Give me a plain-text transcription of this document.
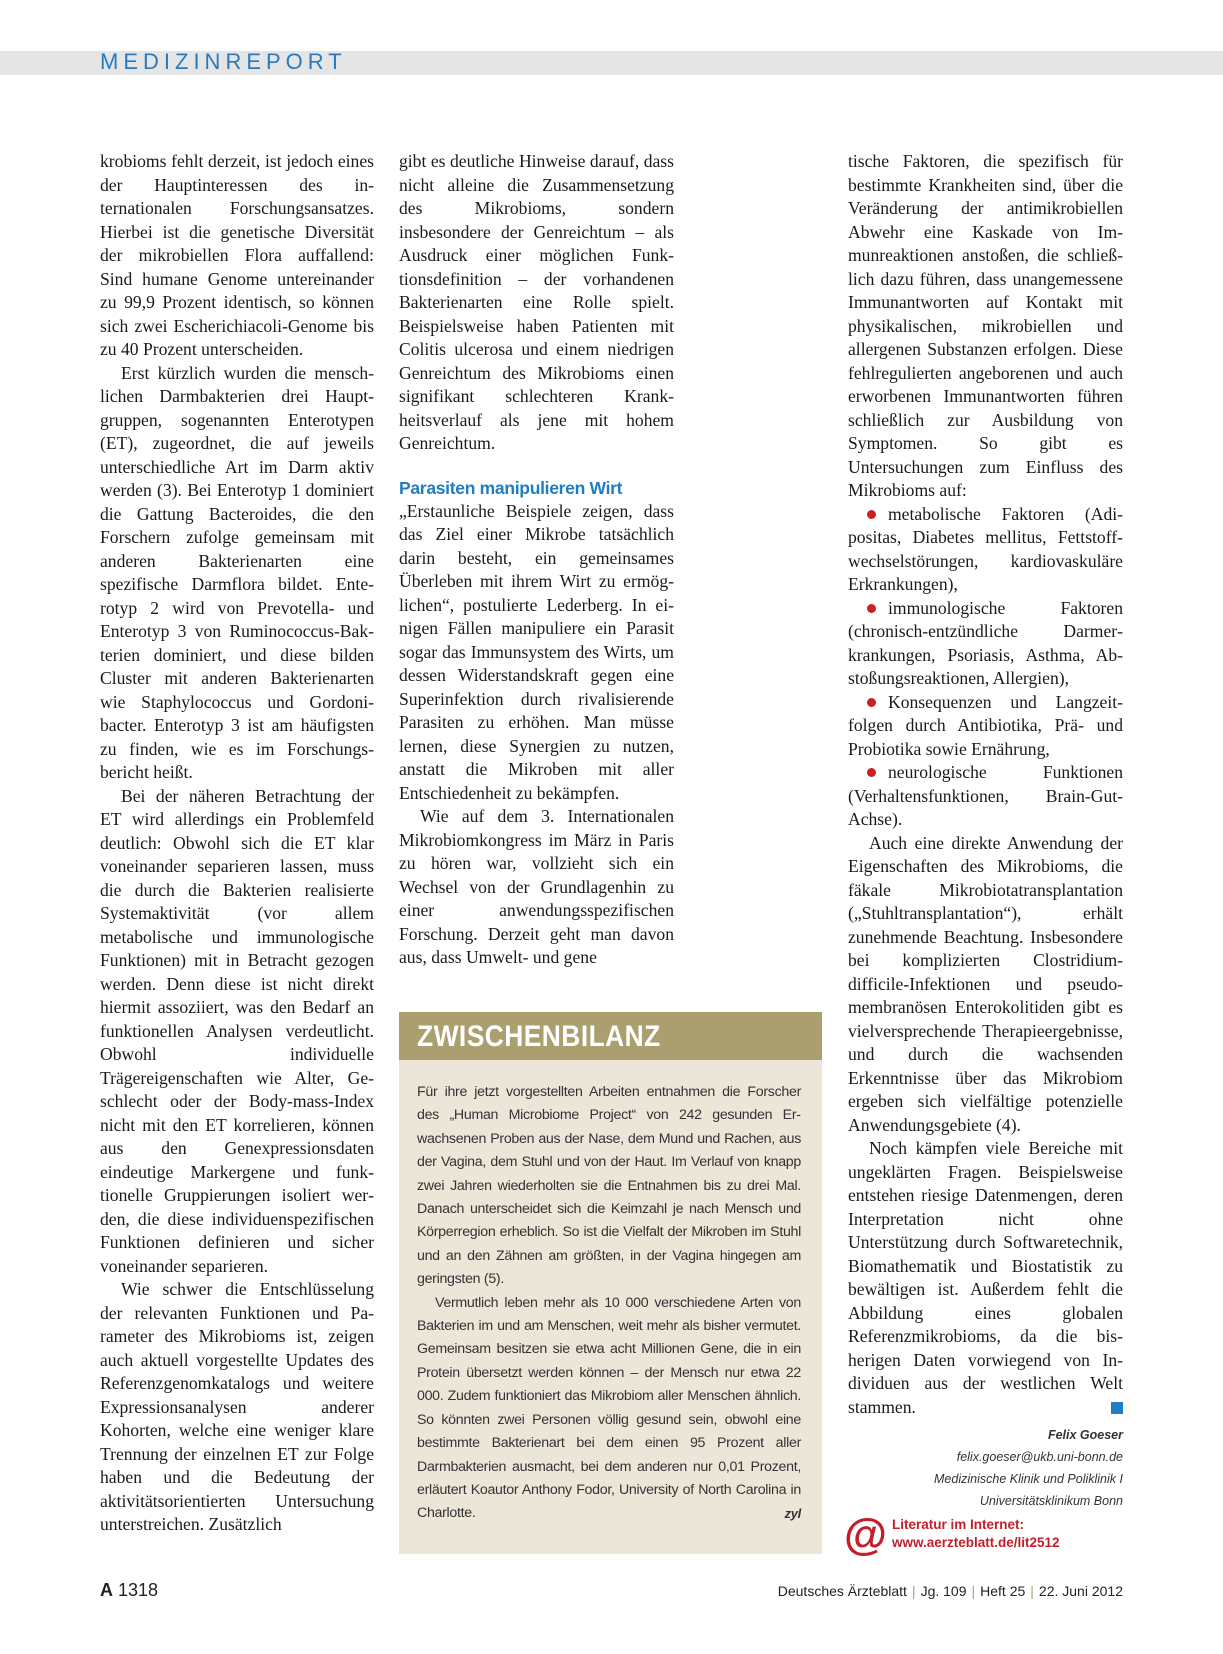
MEDIZINREPORT

krobioms fehlt derzeit, ist jedoch eines der Hauptinteressen des internationalen Forschungsansatzes. Hierbei ist die genetische Diversität der mikrobiellen Flora auffallend: Sind humane Genome untereinander zu 99,9 Prozent identisch, so können sich zwei Escherichiacoli-Genome bis zu 40 Prozent unterscheiden.

Erst kürzlich wurden die menschlichen Darmbakterien drei Hauptgruppen, sogenannten Enterotypen (ET), zugeordnet, die auf jeweils unterschiedliche Art im Darm aktiv werden (3). Bei Enterotyp 1 dominiert die Gattung Bacteroides, die den Forschern zufolge gemeinsam mit anderen Bakterienarten eine spezifische Darmflora bildet. Enterotyp 2 wird von Prevotella- und Enterotyp 3 von Ruminococcus-Bakterien dominiert, und diese bilden Cluster mit anderen Bakterienarten wie Staphylococcus und Gordonibacter. Enterotyp 3 ist am häufigsten zu finden, wie es im Forschungsbericht heißt.

Bei der näheren Betrachtung der ET wird allerdings ein Problemfeld deutlich: Obwohl sich die ET klar voneinander separieren lassen, muss die durch die Bakterien realisierte Systemaktivität (vor allem metabolische und immunologische Funktionen) mit in Betracht gezogen werden. Denn diese ist nicht direkt hiermit assoziiert, was den Bedarf an funktionellen Analysen verdeutlicht. Obwohl individuelle Trägereigenschaften wie Alter, Geschlecht oder der Body-mass-Index nicht mit den ET korrelieren, können aus den Genexpressionsdaten eindeutige Markergene und funktionelle Gruppierungen isoliert werden, die diese individuenspezifischen Funktionen definieren und sicher voneinander separieren.

Wie schwer die Entschlüsselung der relevanten Funktionen und Parameter des Mikrobioms ist, zeigen auch aktuell vorgestellte Updates des Referenzgenomkatalogs und weitere Expressionsanalysen anderer Kohorten, welche eine weniger klare Trennung der einzelnen ET zur Folge haben und die Bedeutung der aktivitätsorientierten Untersuchung unterstreichen. Zusätzlich

gibt es deutliche Hinweise darauf, dass nicht alleine die Zusammensetzung des Mikrobioms, sondern insbesondere der Genreichtum – als Ausdruck einer möglichen Funktionsdefinition – der vorhandenen Bakterienarten eine Rolle spielt. Beispielsweise haben Patienten mit Colitis ulcerosa und einem niedrigen Genreichtum des Mikrobioms einen signifikant schlechteren Krankheitsverlauf als jene mit hohem Genreichtum.

Parasiten manipulieren Wirt

„Erstaunliche Beispiele zeigen, dass das Ziel einer Mikrobe tatsächlich darin besteht, ein gemeinsames Überleben mit ihrem Wirt zu ermöglichen“, postulierte Lederberg. In einigen Fällen manipuliere ein Parasit sogar das Immunsystem des Wirts, um dessen Widerstandskraft gegen eine Superinfektion durch rivalisierende Parasiten zu erhöhen. Man müsse lernen, diese Synergien zu nutzen, anstatt die Mikroben mit aller Entschiedenheit zu bekämpfen.

Wie auf dem 3. Internationalen Mikrobiomkongress im März in Paris zu hören war, vollzieht sich ein Wechsel von der Grundlagenhin zu einer anwendungsspezifischen Forschung. Derzeit geht man davon aus, dass Umwelt- und gene

tische Faktoren, die spezifisch für bestimmte Krankheiten sind, über die Veränderung der antimikrobiellen Abwehr eine Kaskade von Immunreaktionen anstoßen, die schließlich dazu führen, dass unangemessene Immunantworten auf Kontakt mit physikalischen, mikrobiellen und allergenen Substanzen erfolgen. Diese fehlregulierten angeborenen und auch erworbenen Immunantworten führen schließlich zur Ausbildung von Symptomen. So gibt es Untersuchungen zum Einfluss des Mikrobioms auf:

metabolische Faktoren (Adipositas, Diabetes mellitus, Fettstoffwechselstörungen, kardiovaskuläre Erkrankungen),

immunologische Faktoren (chronisch-entzündliche Darmerkrankungen, Psoriasis, Asthma, Abstoßungsreaktionen, Allergien),

Konsequenzen und Langzeitfolgen durch Antibiotika, Prä- und Probiotika sowie Ernährung,

neurologische Funktionen (Verhaltensfunktionen, Brain-Gut-Achse).

Auch eine direkte Anwendung der Eigenschaften des Mikrobioms, die fäkale Mikrobiotatransplantation („Stuhltransplantation“), erhält zunehmende Beachtung. Insbesondere bei komplizierten Clostridium-difficile-Infektionen und pseudomembranösen Enterokolitiden gibt es vielversprechende Therapieergebnisse, und durch die wachsenden Erkenntnisse über das Mikrobiom ergeben sich vielfältige potenzielle Anwendungsgebiete (4).

Noch kämpfen viele Bereiche mit ungeklärten Fragen. Beispielsweise entstehen riesige Datenmengen, deren Interpretation nicht ohne Unterstützung durch Softwaretechnik, Biomathematik und Biostatistik zu bewältigen ist. Außerdem fehlt die Abbildung eines globalen Referenzmikrobioms, da die bisherigen Daten vorwiegend von Individuen aus der westlichen Welt stammen.

Felix Goeser
felix.goeser@ukb.uni-bonn.de
Medizinische Klinik und Poliklinik I
Universitätsklinikum Bonn
ZWISCHENBILANZ

Für ihre jetzt vorgestellten Arbeiten entnahmen die Forscher des „Human Microbiome Project“ von 242 gesunden Erwachsenen Proben aus der Nase, dem Mund und Rachen, aus der Vagina, dem Stuhl und von der Haut. Im Verlauf von knapp zwei Jahren wiederholten sie die Entnahmen bis zu drei Mal. Danach unterscheidet sich die Keimzahl je nach Mensch und Körperregion erheblich. So ist die Vielfalt der Mikroben im Stuhl und an den Zähnen am größten, in der Vagina hingegen am geringsten (5).

Vermutlich leben mehr als 10 000 verschiedene Arten von Bakterien im und am Menschen, weit mehr als bisher vermutet. Gemeinsam besitzen sie etwa acht Millionen Gene, die in ein Protein übersetzt werden können – der Mensch nur etwa 22 000. Zudem funktioniert das Mikrobiom aller Menschen ähnlich. So könnten zwei Personen völlig gesund sein, obwohl eine bestimmte Bakterienart bei dem einen 95 Prozent aller Darmbakterien ausmacht, bei dem anderen nur 0,01 Prozent, erläutert Koautor Anthony Fodor, University of North Carolina in Charlotte.	zyl @ Literatur im Internet:
www.aerzteblatt.de/lit2512
A 1318	Deutsches Ärzteblatt | Jg. 109 | Heft 25 | 22. Juni 2012
